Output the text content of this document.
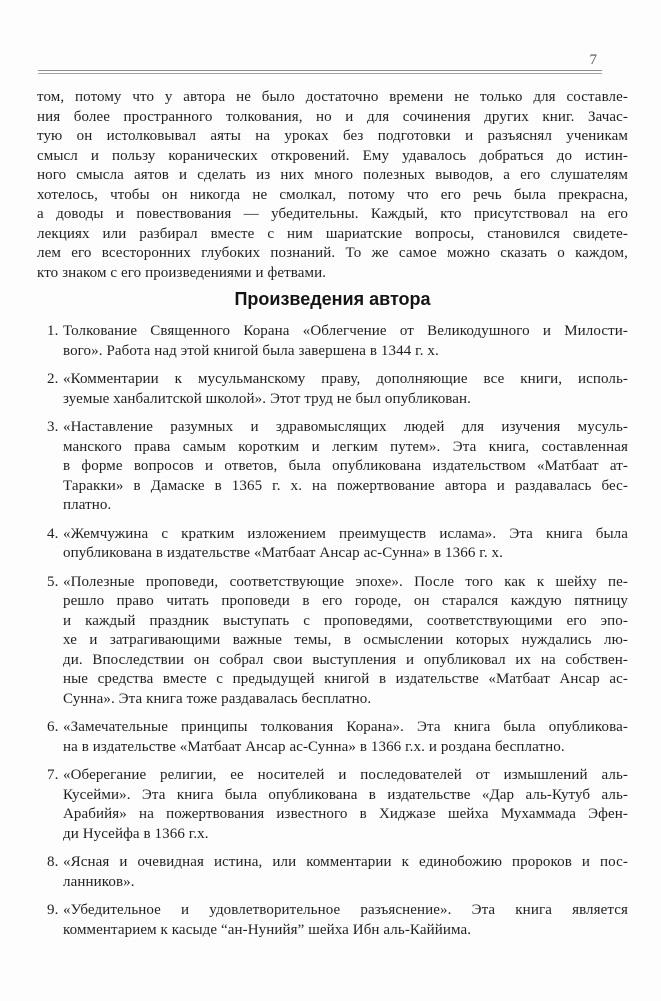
7
том, потому что у автора не было достаточно времени не только для составле-
ния более пространного толкования, но и для сочинения других книг. Зачас-
тую он истолковывал аяты на уроках без подготовки и разъяснял ученикам
смысл и пользу коранических откровений. Ему удавалось добраться до истин-
ного смысла аятов и сделать из них много полезных выводов, а его слушателям
хотелось, чтобы он никогда не смолкал, потому что его речь была прекрасна,
а доводы и повествования — убедительны. Каждый, кто присутствовал на его
лекциях или разбирал вместе с ним шариатские вопросы, становился свидете-
лем его всесторонних глубоких познаний. То же самое можно сказать о каждом,
кто знаком с его произведениями и фетвами.
Произведения автора
1. Толкование Священного Корана «Облегчение от Великодушного и Милости-
вого». Работа над этой книгой была завершена в 1344 г. х.
2. «Комментарии к мусульманскому праву, дополняющие все книги, исполь-
зуемые ханбалитской школой». Этот труд не был опубликован.
3. «Наставление разумных и здравомыслящих людей для изучения мусуль-
манского права самым коротким и легким путем». Эта книга, составленная
в форме вопросов и ответов, была опубликована издательством «Матбаат ат-
Таракки» в Дамаске в 1365 г. х. на пожертвование автора и раздавалась бес-
платно.
4. «Жемчужина с кратким изложением преимуществ ислама». Эта книга была
опубликована в издательстве «Матбаат Ансар ас-Сунна» в 1366 г. х.
5. «Полезные проповеди, соответствующие эпохе». После того как к шейху пе-
решло право читать проповеди в его городе, он старался каждую пятницу
и каждый праздник выступать с проповедями, соответствующими его эпо-
хе и затрагивающими важные темы, в осмыслении которых нуждались лю-
ди. Впоследствии он собрал свои выступления и опубликовал их на собствен-
ные средства вместе с предыдущей книгой в издательстве «Матбаат Ансар ас-
Сунна». Эта книга тоже раздавалась бесплатно.
6. «Замечательные принципы толкования Корана». Эта книга была опубликова-
на в издательстве «Матбаат Ансар ас-Сунна» в 1366 г.х. и роздана бесплатно.
7. «Оберегание религии, ее носителей и последователей от измышлений аль-
Кусейми». Эта книга была опубликована в издательстве «Дар аль-Кутуб аль-
Арабийя» на пожертвования известного в Хиджазе шейха Мухаммада Эфен-
ди Нусейфа в 1366 г.х.
8. «Ясная и очевидная истина, или комментарии к единобожию пророков и пос-
ланников».
9. «Убедительное и удовлетворительное разъяснение». Эта книга является
комментарием к касыде “ан-Нунийя” шейха Ибн аль-Каййима.
